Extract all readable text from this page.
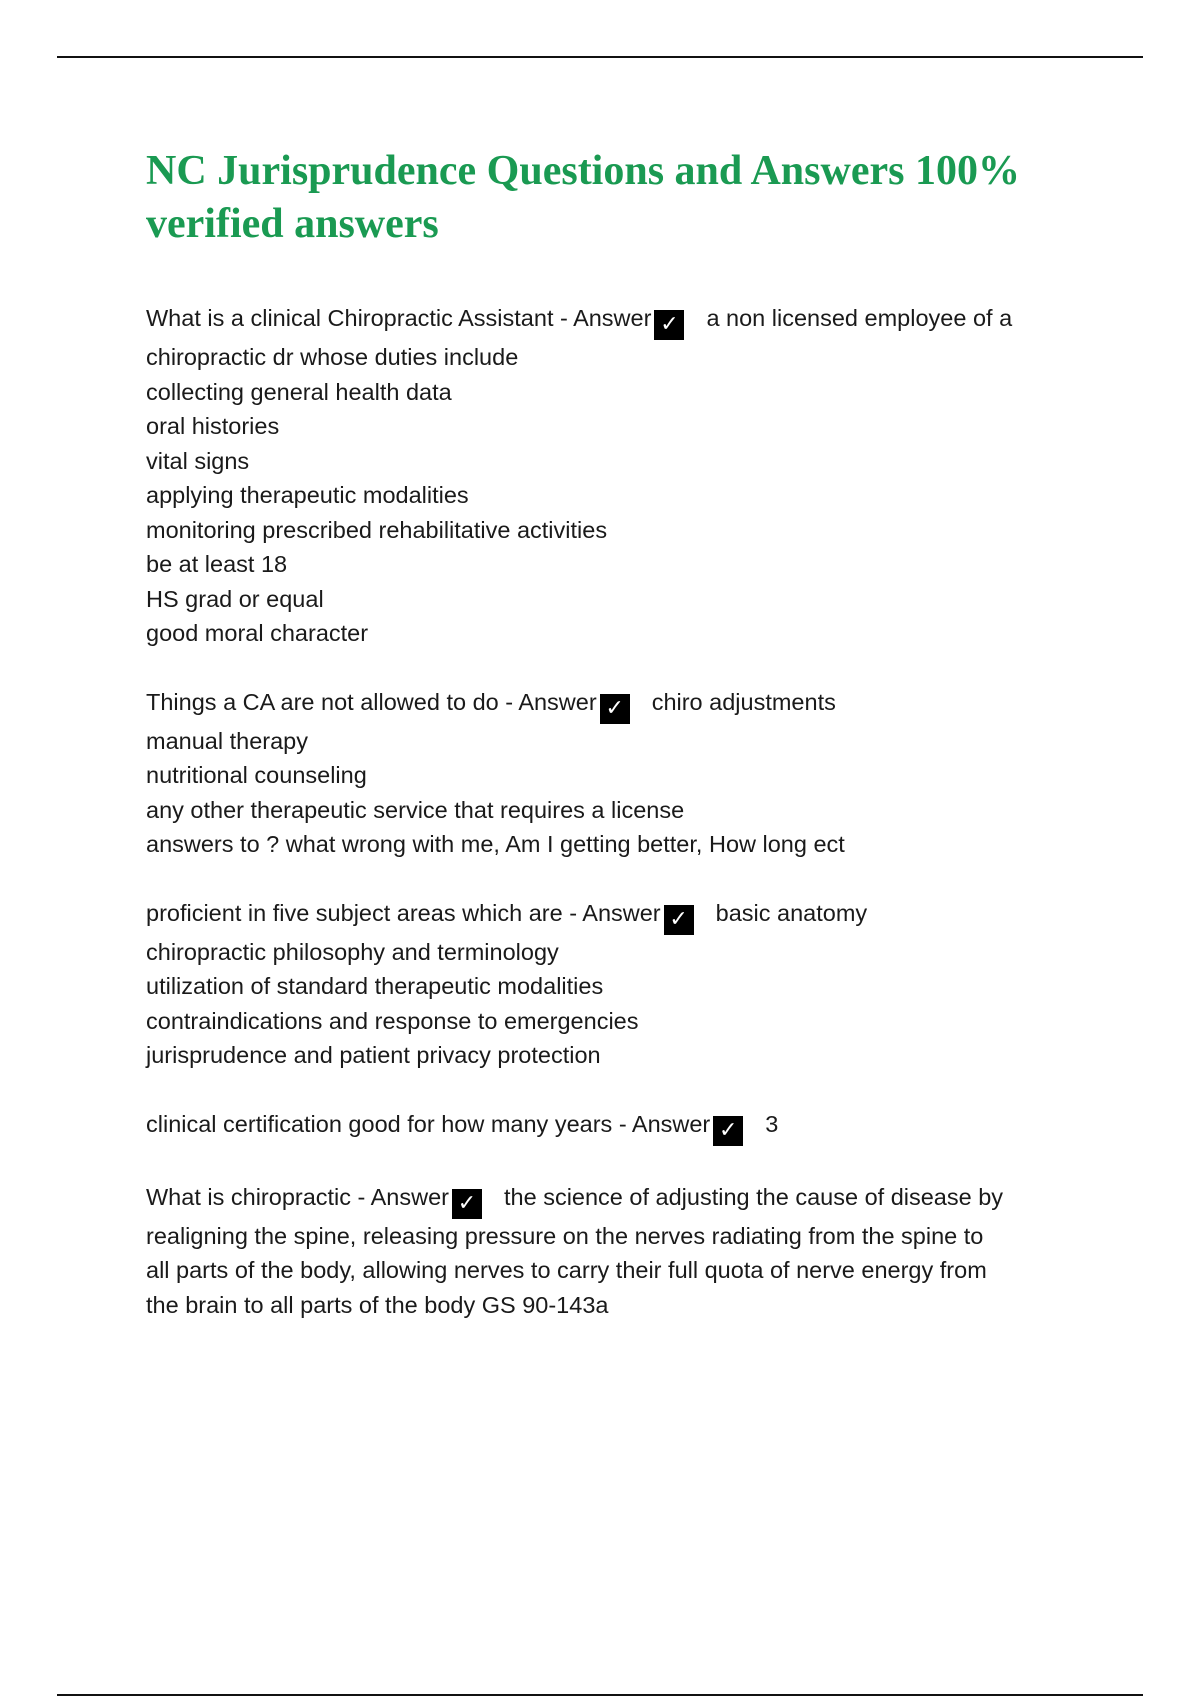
NC Jurisprudence Questions and Answers 100% verified answers
What is a clinical Chiropractic Assistant - Answer ✓ a non licensed employee of a
chiropractic dr whose duties include
collecting general health data
oral histories
vital signs
applying therapeutic modalities
monitoring prescribed rehabilitative activities
be at least 18
HS grad or equal
good moral character
Things a CA are not allowed to do - Answer ✓ chiro adjustments
manual therapy
nutritional counseling
any other therapeutic service that requires a license
answers to ? what wrong with me, Am I getting better, How long ect
proficient in five subject areas which are - Answer ✓ basic anatomy
chiropractic philosophy and terminology
utilization of standard therapeutic modalities
contraindications and response to emergencies
jurisprudence and patient privacy protection
clinical certification good for how many years - Answer ✓ 3
What is chiropractic - Answer ✓ the science of adjusting the cause of disease by
realigning the spine, releasing pressure on the nerves radiating from the spine to
all parts of the body, allowing nerves to carry their full quota of nerve energy from
the brain to all parts of the body GS 90-143a
